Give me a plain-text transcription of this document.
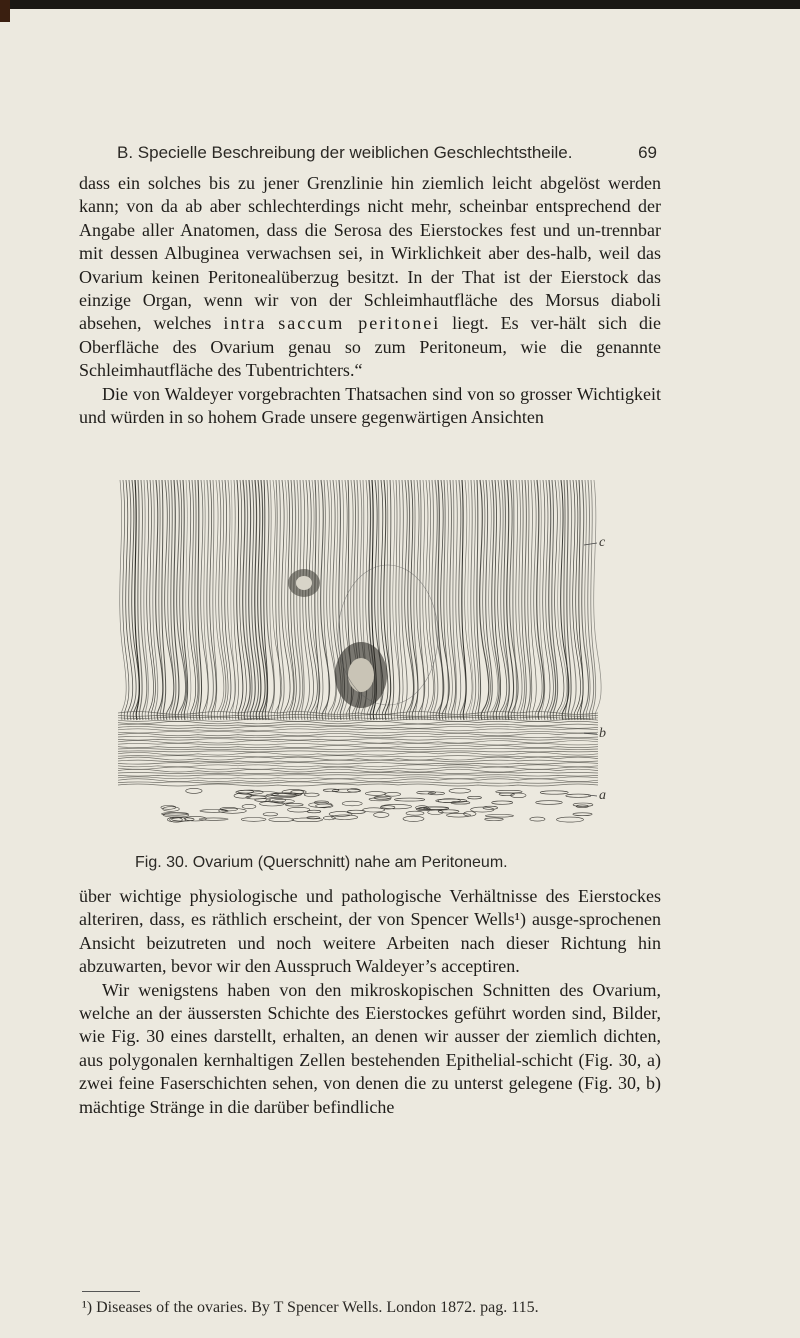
B. Specielle Beschreibung der weiblichen Geschlechtstheile.	69

dass ein solches bis zu jener Grenzlinie hin ziemlich leicht abgelöst werden kann; von da ab aber schlechterdings nicht mehr, scheinbar entsprechend der Angabe aller Anatomen, dass die Serosa des Eierstockes fest und un-trennbar mit dessen Albuginea verwachsen sei, in Wirklichkeit aber des-halb, weil das Ovarium keinen Peritonealüberzug besitzt. In der That ist der Eierstock das einzige Organ, wenn wir von der Schleimhautfläche des Morsus diaboli absehen, welches intra saccum peritonei liegt. Es ver-hält sich die Oberfläche des Ovarium genau so zum Peritoneum, wie die genannte Schleimhautfläche des Tubentrichters.“

Die von Waldeyer vorgebrachten Thatsachen sind von so grosser Wichtigkeit und würden in so hohem Grade unsere gegenwärtigen Ansichten

c
b
a
Fig. 30. Ovarium (Querschnitt) nahe am Peritoneum.

über wichtige physiologische und pathologische Verhältnisse des Eierstockes alteriren, dass, es räthlich erscheint, der von Spencer Wells¹) ausge-sprochenen Ansicht beizutreten und noch weitere Arbeiten nach dieser Richtung hin abzuwarten, bevor wir den Ausspruch Waldeyer’s acceptiren.

Wir wenigstens haben von den mikroskopischen Schnitten des Ovarium, welche an der äussersten Schichte des Eierstockes geführt worden sind, Bilder, wie Fig. 30 eines darstellt, erhalten, an denen wir ausser der ziemlich dichten, aus polygonalen kernhaltigen Zellen bestehenden Epithelial-schicht (Fig. 30, a) zwei feine Faserschichten sehen, von denen die zu unterst gelegene (Fig. 30, b) mächtige Stränge in die darüber befindliche

¹) Diseases of the ovaries. By T Spencer Wells. London 1872. pag. 115.
